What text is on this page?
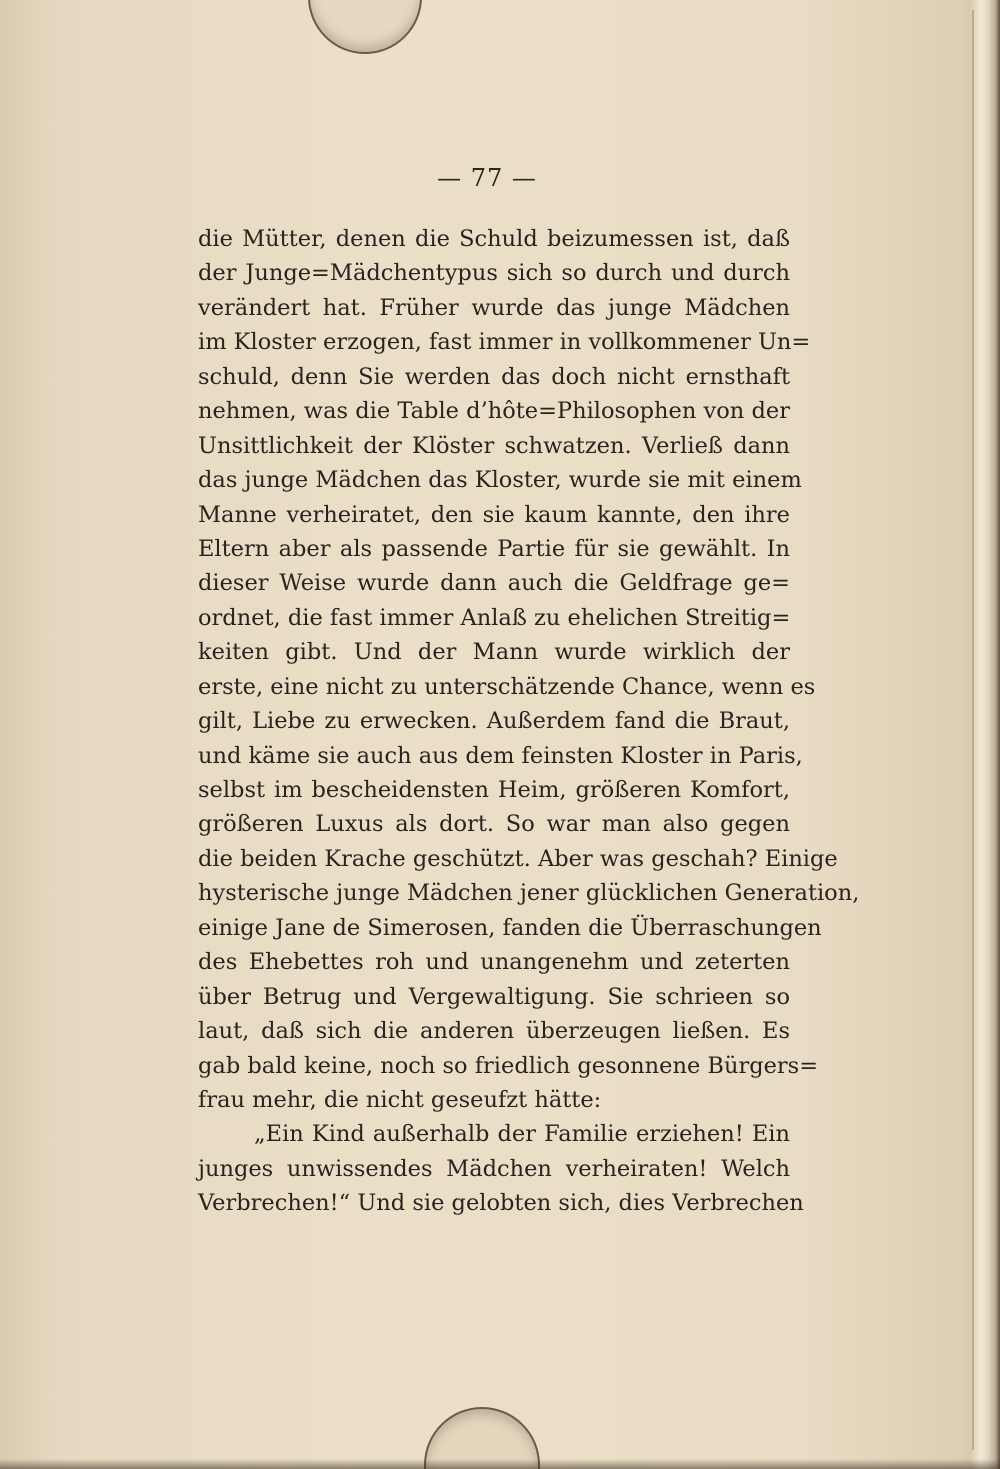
— 77 —
die Mütter, denen die Schuld beizumessen ist, daß
der Junge=Mädchentypus sich so durch und durch
verändert hat. Früher wurde das junge Mädchen
im Kloster erzogen, fast immer in vollkommener Un=
schuld, denn Sie werden das doch nicht ernsthaft
nehmen, was die Table d’hôte=Philosophen von der
Unsittlichkeit der Klöster schwatzen. Verließ dann
das junge Mädchen das Kloster, wurde sie mit einem
Manne verheiratet, den sie kaum kannte, den ihre
Eltern aber als passende Partie für sie gewählt. In
dieser Weise wurde dann auch die Geldfrage ge=
ordnet, die fast immer Anlaß zu ehelichen Streitig=
keiten gibt. Und der Mann wurde wirklich der
erste, eine nicht zu unterschätzende Chance, wenn es
gilt, Liebe zu erwecken. Außerdem fand die Braut,
und käme sie auch aus dem feinsten Kloster in Paris,
selbst im bescheidensten Heim, größeren Komfort,
größeren Luxus als dort. So war man also gegen
die beiden Krache geschützt. Aber was geschah? Einige
hysterische junge Mädchen jener glücklichen Generation,
einige Jane de Simerosen, fanden die Überraschungen
des Ehebettes roh und unangenehm und zeterten
über Betrug und Vergewaltigung. Sie schrieen so
laut, daß sich die anderen überzeugen ließen. Es
gab bald keine, noch so friedlich gesonnene Bürgers=
frau mehr, die nicht geseufzt hätte:
„Ein Kind außerhalb der Familie erziehen! Ein
junges unwissendes Mädchen verheiraten! Welch
Verbrechen!“ Und sie gelobten sich, dies Verbrechen
